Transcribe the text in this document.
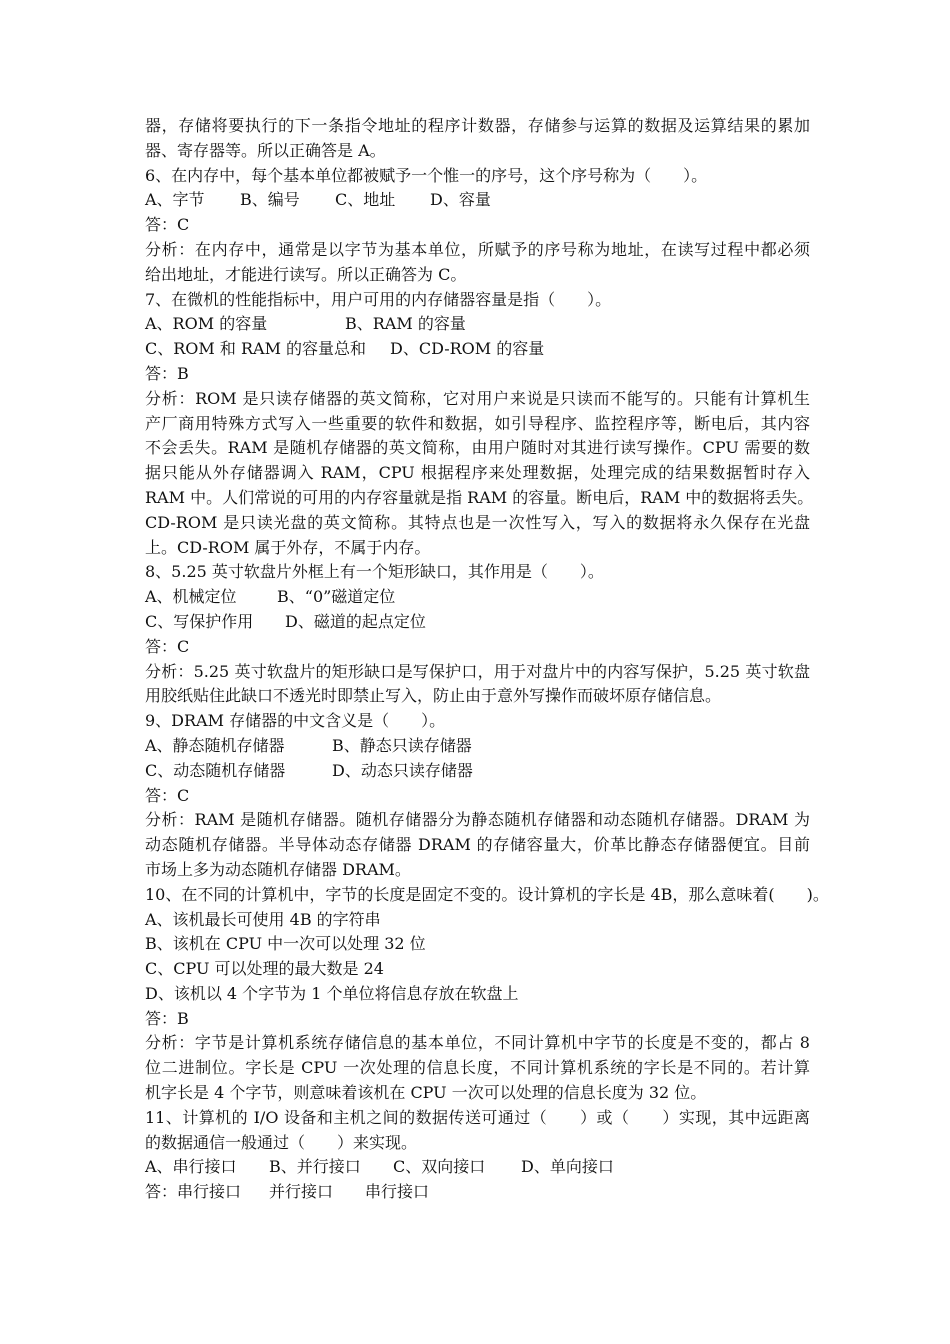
器，存储将要执行的下一条指令地址的程序计数器，存储参与运算的数据及运算结果的累加
器、寄存器等。所以正确答是 A。
6、在内存中，每个基本单位都被赋予一个惟一的序号，这个序号称为（　　）。
A、字节 B、编号 C、地址 D、容量
答：C
分析：在内存中，通常是以字节为基本单位，所赋予的序号称为地址，在读写过程中都必须
给出地址，才能进行读写。所以正确答为 C。
7、在微机的性能指标中，用户可用的内存储器容量是指（　　）。
A、ROM 的容量	B、RAM 的容量
C、ROM 和 RAM 的容量总和 D、CD-ROM 的容量
答：B
分析：ROM 是只读存储器的英文简称，它对用户来说是只读而不能写的。只能有计算机生
产厂商用特殊方式写入一些重要的软件和数据，如引导程序、监控程序等，断电后，其内容
不会丢失。RAM 是随机存储器的英文简称，由用户随时对其进行读写操作。CPU 需要的数
据只能从外存储器调入 RAM，CPU 根据程序来处理数据，处理完成的结果数据暂时存入
RAM 中。人们常说的可用的内存容量就是指 RAM 的容量。断电后，RAM 中的数据将丢失。
CD-ROM 是只读光盘的英文简称。其特点也是一次性写入，写入的数据将永久保存在光盘
上。CD-ROM 属于外存，不属于内存。
8、5.25 英寸软盘片外框上有一个矩形缺口，其作用是（　　）。
A、机械定位	B、“0”磁道定位
C、写保护作用 D、磁道的起点定位
答：C
分析：5.25 英寸软盘片的矩形缺口是写保护口，用于对盘片中的内容写保护，5.25 英寸软盘
用胶纸贴住此缺口不透光时即禁止写入，防止由于意外写操作而破坏原存储信息。
9、DRAM 存储器的中文含义是（　　）。
A、静态随机存储器	B、静态只读存储器
C、动态随机存储器	D、动态只读存储器
答：C
分析：RAM 是随机存储器。随机存储器分为静态随机存储器和动态随机存储器。DRAM 为
动态随机存储器。半导体动态存储器 DRAM 的存储容量大，价革比静态存储器便宜。目前
市场上多为动态随机存储器 DRAM。
10、在不同的计算机中，字节的长度是固定不变的。设计算机的字长是 4B，那么意味着(　　)。
A、该机最长可使用 4B 的字符串
B、该机在 CPU 中一次可以处理 32 位
C、CPU 可以处理的最大数是 24
D、该机以 4 个字节为 1 个单位将信息存放在软盘上
答：B
分析：字节是计算机系统存储信息的基本单位，不同计算机中字节的长度是不变的，都占 8
位二进制位。字长是 CPU 一次处理的信息长度，不同计算机系统的字长是不同的。若计算
机字长是 4 个字节，则意味着该机在 CPU 一次可以处理的信息长度为 32 位。
11、计算机的 I/O 设备和主机之间的数据传送可通过（　　）或（　　）实现，其中远距离
的数据通信一般通过（　　）来实现。
A、串行接口 B、并行接口 C、双向接口 D、单向接口
答：串行接口 并行接口 串行接口
